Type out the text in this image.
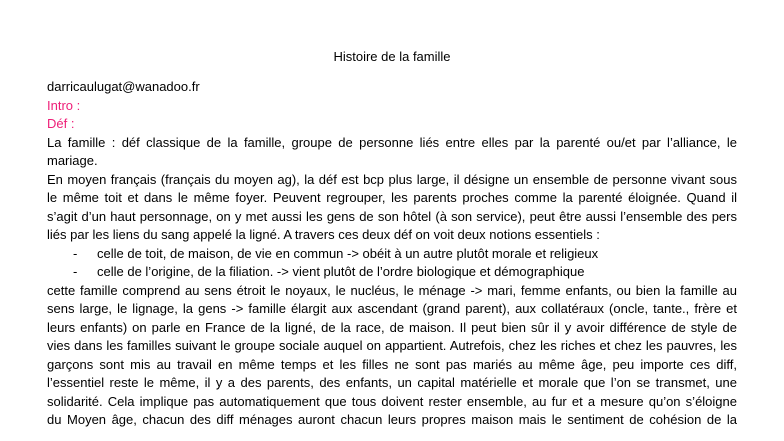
Histoire de la famille
darricaulugat@wanadoo.fr
Intro :
Déf :
La famille : déf classique de la famille, groupe de personne liés entre elles par la parenté ou/et par l’alliance, le
mariage.
En moyen français (français du moyen ag), la déf est bcp plus large, il désigne un ensemble de personne vivant sous
le même toit et dans le même foyer. Peuvent regrouper, les parents proches comme la parenté éloignée. Quand il
s’agit d’un haut personnage, on y met aussi les gens de son hôtel (à son service), peut être aussi l’ensemble des pers
liés par les liens du sang appelé la ligné. A travers ces deux déf on voit deux notions essentiels :
-	celle de toit, de maison, de vie en commun -> obéit à un autre plutôt morale et religieux
-	celle de l’origine, de la filiation. -> vient plutôt de l’ordre biologique et démographique
cette famille comprend au sens étroit le noyaux, le nucléus, le ménage -> mari, femme enfants, ou bien la famille au
sens large, le lignage, la gens -> famille élargit aux ascendant (grand parent), aux collatéraux (oncle, tante., frère et
leurs enfants) on parle en France de la ligné, de la race, de maison. Il peut bien sûr il y avoir différence de style de
vies dans les familles suivant le groupe sociale auquel on appartient. Autrefois, chez les riches et chez les pauvres, les
garçons sont mis au travail en même temps et les filles ne sont pas mariés au même âge, peu importe ces diff,
l’essentiel reste le même, il y a des parents, des enfants, un capital matérielle et morale que l’on se transmet, une
solidarité. Cela implique pas automatiquement que tous doivent rester ensemble, au fur et a mesure qu’on s’éloigne
du Moyen âge, chacun des diff ménages auront chacun leurs propres maison mais le sentiment de cohésion de la
